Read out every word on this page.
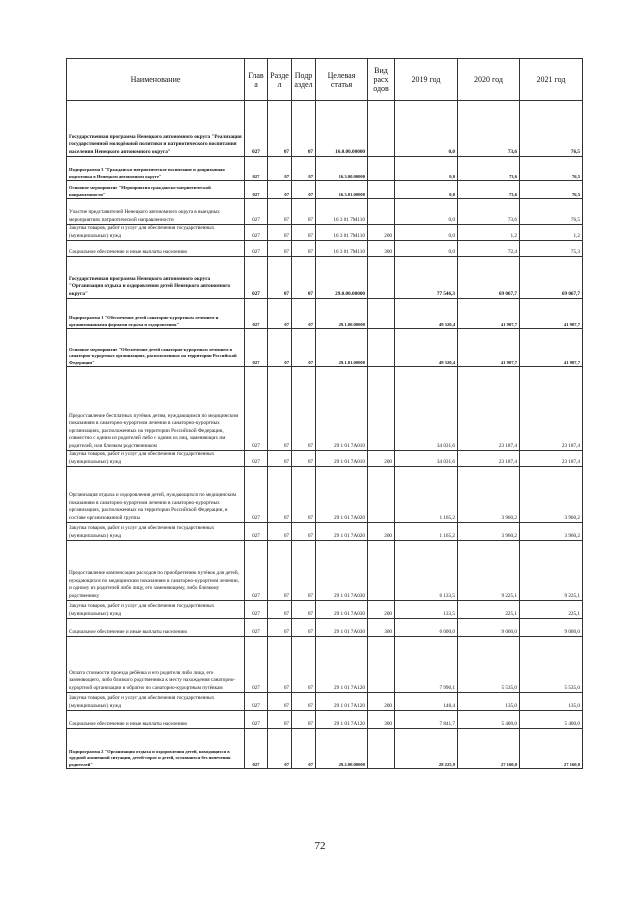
Наименование	Глав а	Разде л	Подр аздел	Целевая статья	Вид расх одов	2019 год	2020 год	2021 год
Государственная программа Ненецкого автономного округа "Реализация государственной молодёжной политики и патриотического воспитания населения Ненецкого автономного округа"	027	07	07	16.0.00.00000		0,0	73,6	76,5
Подпрограмма 3 "Гражданско-патриотическое воспитание и допризывная подготовка в Ненецком автономном округе"	027	07	07	16.3.00.00000		0,0	73,6	76,5
Основное мероприятие "Мероприятия гражданско-патриотической направленности"	027	07	07	16.3.01.00000		0,0	73,6	76,5
Участие представителей Ненецкого автономного округа в выездных мероприятиях патриотической направленности	027	07	07	16 3 01 7М110		0,0	73,6	76,5
Закупка товаров, работ и услуг для обеспечения государственных (муниципальных) нужд	027	07	07	16 3 01 7М110	200	0,0	1,2	1,2
Социальное обеспечение и иные выплаты населению	027	07	07	16 3 01 7М110	300	0,0	72,4	75,3
Государственная программа Ненецкого автономного округа "Организация отдыха и оздоровления детей Ненецкого автономного округа"	027	07	07	29.0.00.00000		77 546,3	69 067,7	69 067,7
Подпрограмма 1 "Обеспечение детей санаторно-курортным лечением и организованными формами отдыха и оздоровления"	027	07	07	29.1.00.00000		49 320,4	41 907,7	41 907,7
Основное мероприятие "Обеспечение детей санаторно-курортным лечением в санаторно-курортных организациях, расположенных на территории Российской Федерации"	027	07	07	29.1.01.00000		49 320,4	41 907,7	41 907,7
Предоставление бесплатных путёвок детям, нуждающимся по медицинским показаниям в санаторно-курортном лечении в санаторно-курортных организациях, расположенных на территории Российской Федерации, совместно с одним из родителей либо с одним из лиц, заменяющих им родителей, или близким родственником	027	07	07	29 1 01 7А010		34 031,6	23 187,4	23 187,4
Закупка товаров, работ и услуг для обеспечения государственных (муниципальных) нужд	027	07	07	29 1 01 7А010	200	34 031,6	23 187,4	23 187,4
Организация отдыха и оздоровления детей, нуждающихся по медицинским показаниям в санаторно-курортном лечении в санаторно-курортных организациях, расположенных на территории Российской Федерации, в составе организованной группы	027	07	07	29 1 01 7А020		1 165,2	3 960,2	3 960,2
Закупка товаров, работ и услуг для обеспечения государственных (муниципальных) нужд	027	07	07	29 1 01 7А020	200	1 165,2	3 960,2	3 960,2
Предоставление компенсации расходов по приобретению путёвок для детей, нуждающихся по медицинским показаниям в санаторно-курортном лечении, и одному из родителей либо лицу, его заменяющему, либо близкому родственнику	027	07	07	29 1 01 7А030		6 133,5	9 225,1	9 225,1
Закупка товаров, работ и услуг для обеспечения государственных (муниципальных) нужд	027	07	07	29 1 01 7А030	200	133,5	225,1	225,1
Социальное обеспечение и иные выплаты населению	027	07	07	29 1 01 7А030	300	6 000,0	9 000,0	9 000,0
Оплата стоимости проезда ребёнка и его родителя либо лица, его заменяющего, либо близкого родственника к месту нахождения санаторно-курортной организации и обратно по санаторно-курортным путёвкам	027	07	07	29 1 01 7А120		7 990,1	5 535,0	5 535,0
Закупка товаров, работ и услуг для обеспечения государственных (муниципальных) нужд	027	07	07	29 1 01 7А120	200	148,4	135,0	135,0
Социальное обеспечение и иные выплаты населению	027	07	07	29 1 01 7А120	300	7 841,7	5 400,0	5 400,0
Подпрограмма 2 "Организация отдыха и оздоровления детей, находящихся в трудной жизненной ситуации, детей-сирот и детей, оставшихся без попечения родителей"	027	07	07	29.2.00.00000		28 225,9	27 160,0	27 160,0
72
